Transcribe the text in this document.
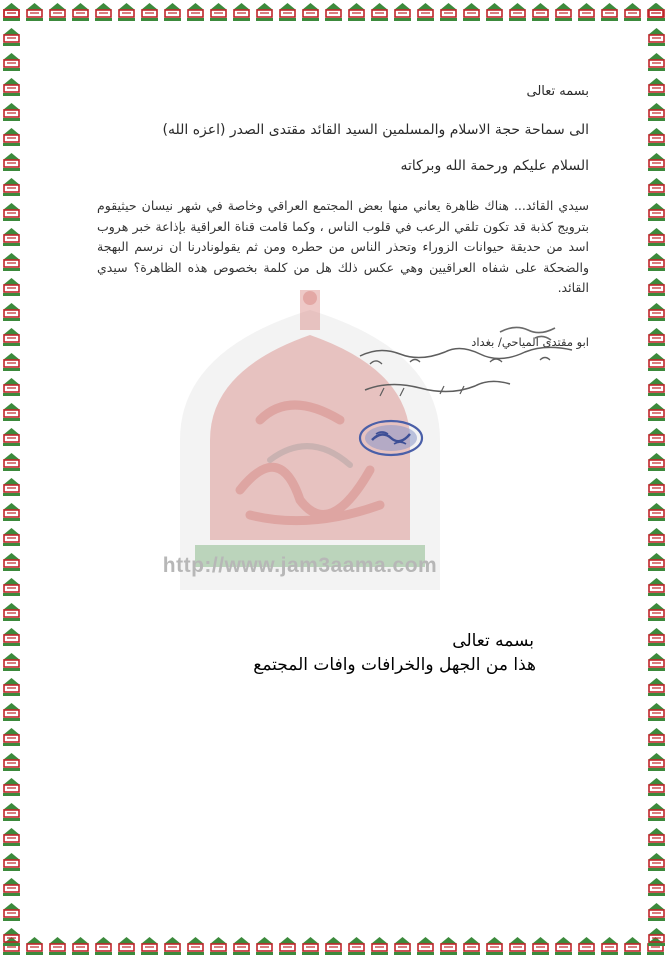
http://www.jam3aama.com
بسمه تعالى
الى سماحة حجة الاسلام والمسلمين السيد القائد مقتدى الصدر (اعزه الله)
السلام عليكم ورحمة الله وبركاته
سيدي القائد... هناك ظاهرة يعاني منها بعض المجتمع العراقي وخاصة في شهر نيسان حيثيقوم بترويج كذبة قد تكون تلقي الرعب في قلوب الناس ، وكما قامت قناة العراقية بإذاعة خبر هروب اسد من حديقة حيوانات الزوراء وتحذر الناس من حطره ومن ثم يقولونادرنا ان نرسم البهجة والضحكة على شفاه العراقيين وهي عكس ذلك هل من كلمة بخصوص هذه الظاهرة؟ سيدي القائد.
ابو مقتدى المياحي/ بغداد
بسمه تعالى
هذا من الجهل والخرافات وافات المجتمع
